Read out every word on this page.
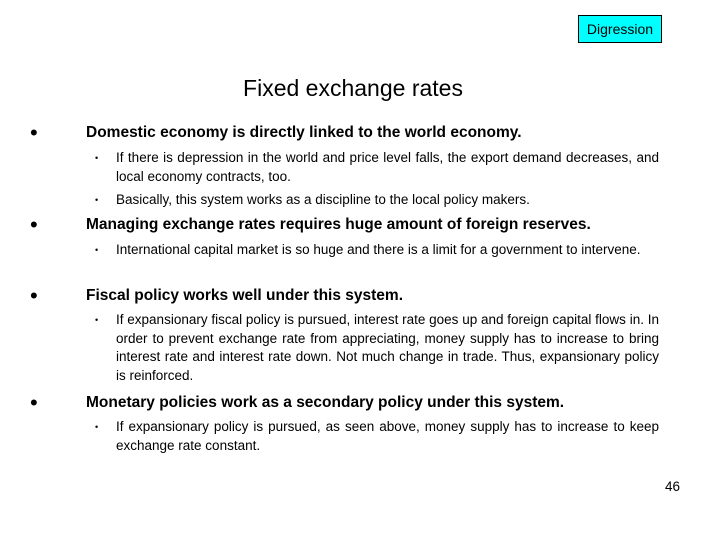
Digression
Fixed exchange rates
•	Domestic economy is directly linked to the world economy.
• If there is depression in the world and price level falls, the export demand decreases, and local economy contracts, too.
• Basically, this system works as a discipline to the local policy makers.
•	Managing exchange rates requires huge amount of foreign reserves.
• International capital market is so huge and there is a limit for a government to intervene.
•	Fiscal policy works well under this system.
• If expansionary fiscal policy is pursued, interest rate goes up and foreign capital flows in. In order to prevent exchange rate from appreciating, money supply has to increase to bring interest rate and interest rate down. Not much change in trade. Thus, expansionary policy is reinforced.
•	Monetary policies work as a secondary policy under this system.
• If expansionary policy is pursued, as seen above, money supply has to increase to keep exchange rate constant.
46
